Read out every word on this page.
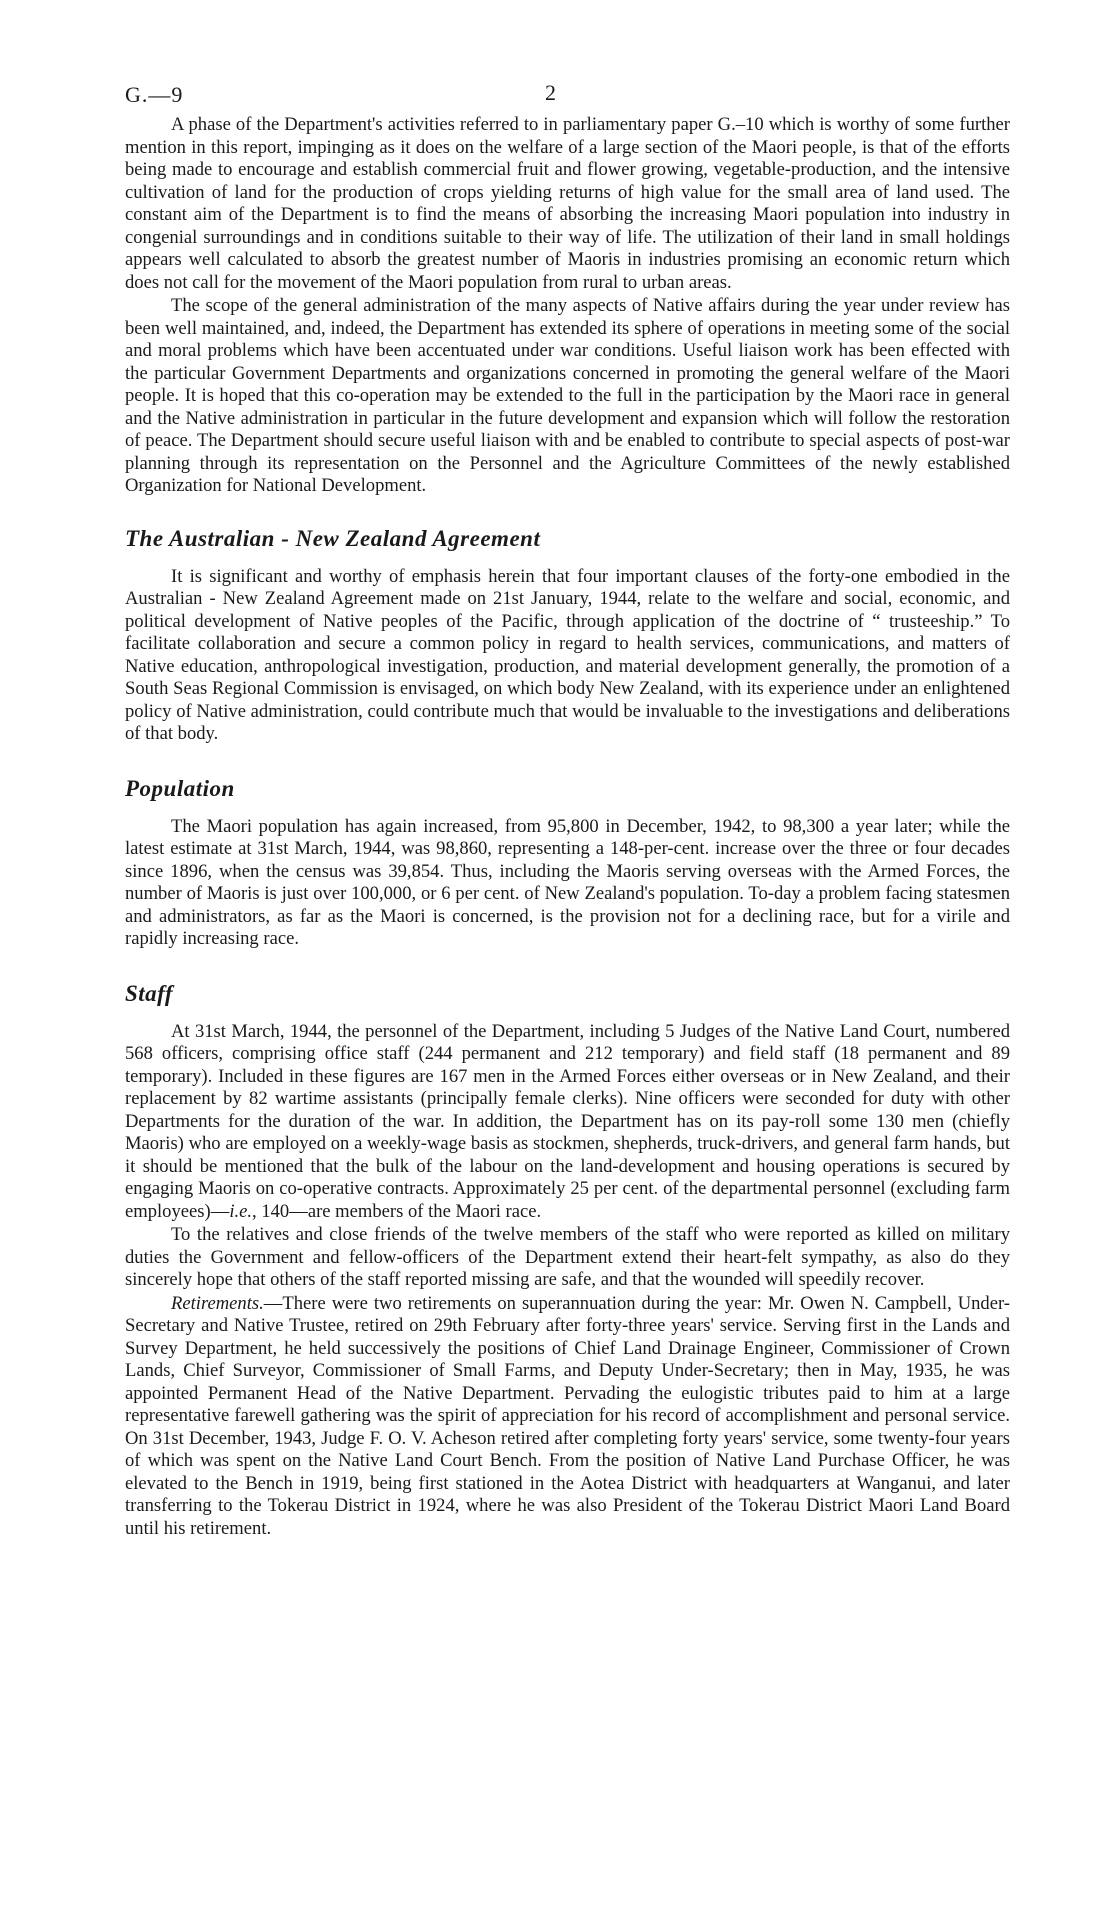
G.—9	2

A phase of the Department's activities referred to in parliamentary paper G.–10 which is worthy of some further mention in this report, impinging as it does on the welfare of a large section of the Maori people, is that of the efforts being made to encourage and establish commercial fruit and flower growing, vegetable-production, and the intensive cultivation of land for the production of crops yielding returns of high value for the small area of land used. The constant aim of the Department is to find the means of absorbing the increasing Maori population into industry in congenial surroundings and in conditions suitable to their way of life. The utilization of their land in small holdings appears well calculated to absorb the greatest number of Maoris in industries promising an economic return which does not call for the movement of the Maori population from rural to urban areas.

The scope of the general administration of the many aspects of Native affairs during the year under review has been well maintained, and, indeed, the Department has extended its sphere of operations in meeting some of the social and moral problems which have been accentuated under war conditions. Useful liaison work has been effected with the particular Government Departments and organizations concerned in promoting the general welfare of the Maori people. It is hoped that this co-operation may be extended to the full in the participation by the Maori race in general and the Native administration in particular in the future development and expansion which will follow the restoration of peace. The Department should secure useful liaison with and be enabled to contribute to special aspects of post-war planning through its representation on the Personnel and the Agriculture Committees of the newly established Organization for National Development.

The Australian - New Zealand Agreement

It is significant and worthy of emphasis herein that four important clauses of the forty-one embodied in the Australian - New Zealand Agreement made on 21st January, 1944, relate to the welfare and social, economic, and political development of Native peoples of the Pacific, through application of the doctrine of “ trusteeship.” To facilitate collaboration and secure a common policy in regard to health services, communications, and matters of Native education, anthropological investigation, production, and material development generally, the promotion of a South Seas Regional Commission is envisaged, on which body New Zealand, with its experience under an enlightened policy of Native administration, could contribute much that would be invaluable to the investigations and deliberations of that body.

Population

The Maori population has again increased, from 95,800 in December, 1942, to 98,300 a year later; while the latest estimate at 31st March, 1944, was 98,860, representing a 148-per-cent. increase over the three or four decades since 1896, when the census was 39,854. Thus, including the Maoris serving overseas with the Armed Forces, the number of Maoris is just over 100,000, or 6 per cent. of New Zealand's population. To-day a problem facing statesmen and administrators, as far as the Maori is concerned, is the provision not for a declining race, but for a virile and rapidly increasing race.

Staff

At 31st March, 1944, the personnel of the Department, including 5 Judges of the Native Land Court, numbered 568 officers, comprising office staff (244 permanent and 212 temporary) and field staff (18 permanent and 89 temporary). Included in these figures are 167 men in the Armed Forces either overseas or in New Zealand, and their replacement by 82 wartime assistants (principally female clerks). Nine officers were seconded for duty with other Departments for the duration of the war. In addition, the Department has on its pay-roll some 130 men (chiefly Maoris) who are employed on a weekly-wage basis as stockmen, shepherds, truck-drivers, and general farm hands, but it should be mentioned that the bulk of the labour on the land-development and housing operations is secured by engaging Maoris on co-operative contracts. Approximately 25 per cent. of the departmental personnel (excluding farm employees)—i.e., 140—are members of the Maori race.

To the relatives and close friends of the twelve members of the staff who were reported as killed on military duties the Government and fellow-officers of the Department extend their heart-felt sympathy, as also do they sincerely hope that others of the staff reported missing are safe, and that the wounded will speedily recover.

Retirements.—There were two retirements on superannuation during the year: Mr. Owen N. Campbell, Under-Secretary and Native Trustee, retired on 29th February after forty-three years' service. Serving first in the Lands and Survey Department, he held successively the positions of Chief Land Drainage Engineer, Commissioner of Crown Lands, Chief Surveyor, Commissioner of Small Farms, and Deputy Under-Secretary; then in May, 1935, he was appointed Permanent Head of the Native Department. Pervading the eulogistic tributes paid to him at a large representative farewell gathering was the spirit of appreciation for his record of accomplishment and personal service. On 31st December, 1943, Judge F. O. V. Acheson retired after completing forty years' service, some twenty-four years of which was spent on the Native Land Court Bench. From the position of Native Land Purchase Officer, he was elevated to the Bench in 1919, being first stationed in the Aotea District with headquarters at Wanganui, and later transferring to the Tokerau District in 1924, where he was also President of the Tokerau District Maori Land Board until his retirement.
